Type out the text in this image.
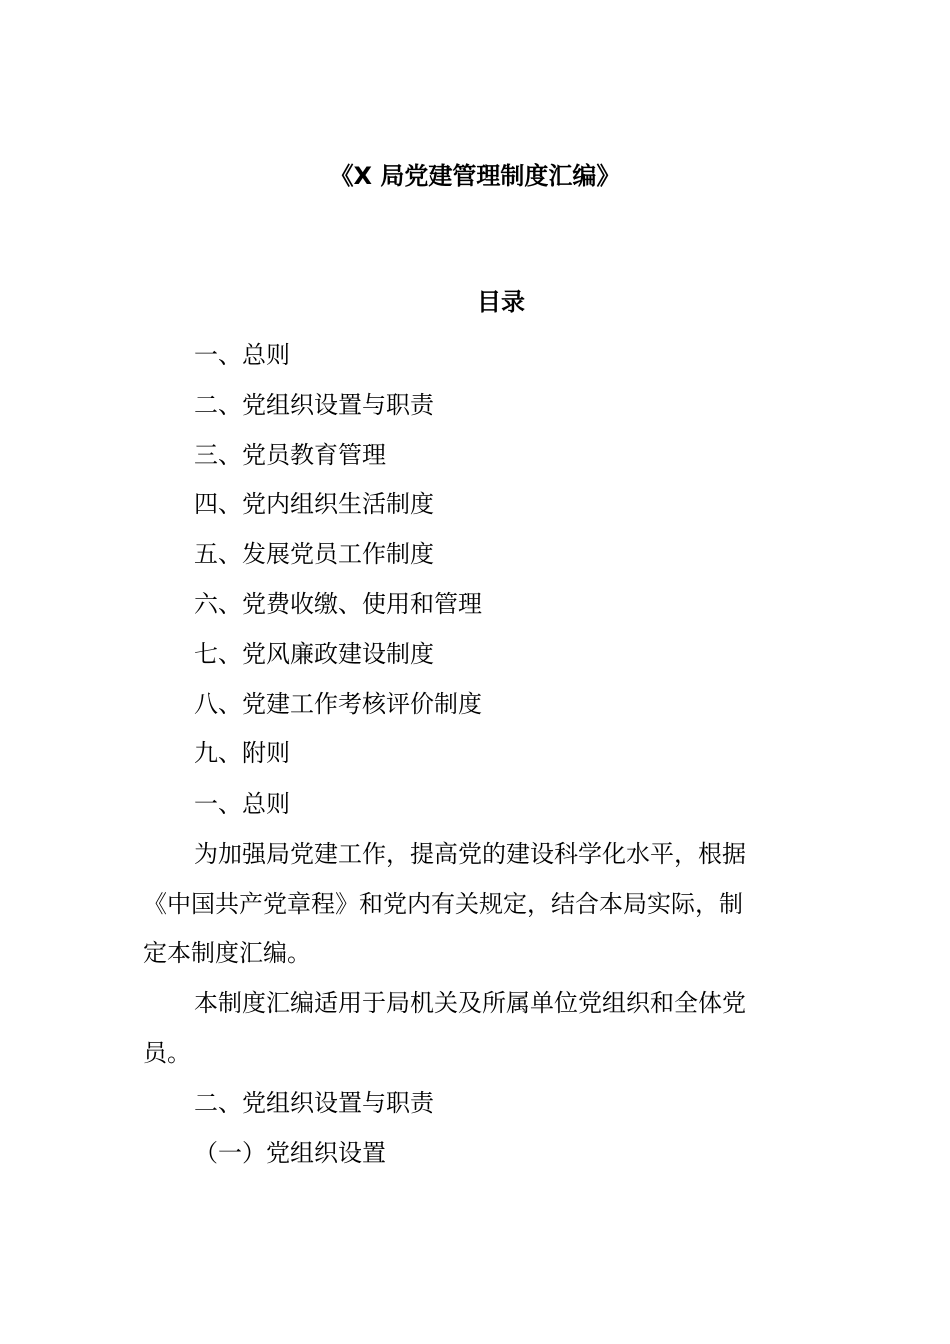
《X 局党建管理制度汇编》
目录
一、总则
二、党组织设置与职责
三、党员教育管理
四、党内组织生活制度
五、发展党员工作制度
六、党费收缴、使用和管理
七、党风廉政建设制度
八、党建工作考核评价制度
九、附则
一、总则
为加强局党建工作，提高党的建设科学化水平，根据
《中国共产党章程》和党内有关规定，结合本局实际，制
定本制度汇编。
本制度汇编适用于局机关及所属单位党组织和全体党
员。
二、党组织设置与职责
（一）党组织设置
